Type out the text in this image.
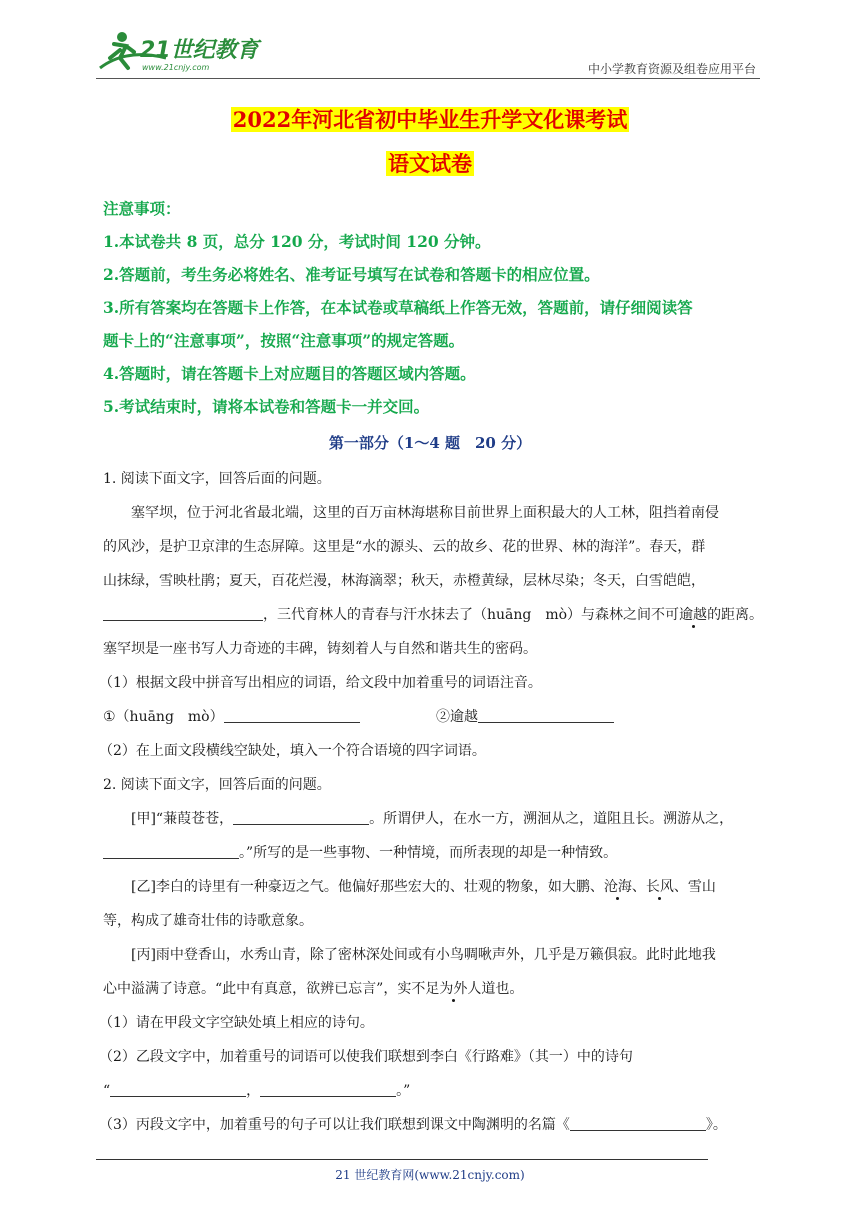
21世纪教育
www.21cnjy.com	中小学教育资源及组卷应用平台
2022年河北省初中毕业生升学文化课考试
语文试卷
注意事项：
1.本试卷共 8 页，总分 120 分，考试时间 120 分钟。
2.答题前，考生务必将姓名、准考证号填写在试卷和答题卡的相应位置。
3.所有答案均在答题卡上作答，在本试卷或草稿纸上作答无效，答题前，请仔细阅读答
题卡上的“注意事项”，按照“注意事项”的规定答题。
4.答题时，请在答题卡上对应题目的答题区域内答题。
5.考试结束时，请将本试卷和答题卡一并交回。
第一部分（1～4 题　20 分）
1. 阅读下面文字，回答后面的问题。
塞罕坝，位于河北省最北端，这里的百万亩林海堪称目前世界上面积最大的人工林，阻挡着南侵
的风沙，是护卫京津的生态屏障。这里是“水的源头、云的故乡、花的世界、林的海洋”。春天，群
山抹绿，雪映杜鹃；夏天，百花烂漫，林海滴翠；秋天，赤橙黄绿，层林尽染；冬天，白雪皑皑，
，三代育林人的青春与汗水抹去了（huāng　mò）与森林之间不可逾越的距离。
塞罕坝是一座书写人力奇迹的丰碑，铸刻着人与自然和谐共生的密码。
（1）根据文段中拼音写出相应的词语，给文段中加着重号的词语注音。
①（huāng　mò）	②逾越
（2）在上面文段横线空缺处，填入一个符合语境的四字词语。
2. 阅读下面文字，回答后面的问题。
[甲]“蒹葭苍苍，	。所谓伊人，在水一方，溯洄从之，道阻且长。溯游从之，
。”所写的是一些事物、一种情境，而所表现的却是一种情致。
[乙]李白的诗里有一种豪迈之气。他偏好那些宏大的、壮观的物象，如大鹏、沧海、长风、雪山
等，构成了雄奇壮伟的诗歌意象。
[丙]雨中登香山，水秀山青，除了密林深处间或有小鸟啁啾声外，几乎是万籁俱寂。此时此地我
心中溢满了诗意。“此中有真意，欲辨已忘言”，实不足为外人道也。
（1）请在甲段文字空缺处填上相应的诗句。
（2）乙段文字中，加着重号的词语可以使我们联想到李白《行路难》（其一）中的诗句
“	，	。”
（3）丙段文字中，加着重号的句子可以让我们联想到课文中陶渊明的名篇《	》。
21 世纪教育网(www.21cnjy.com)
